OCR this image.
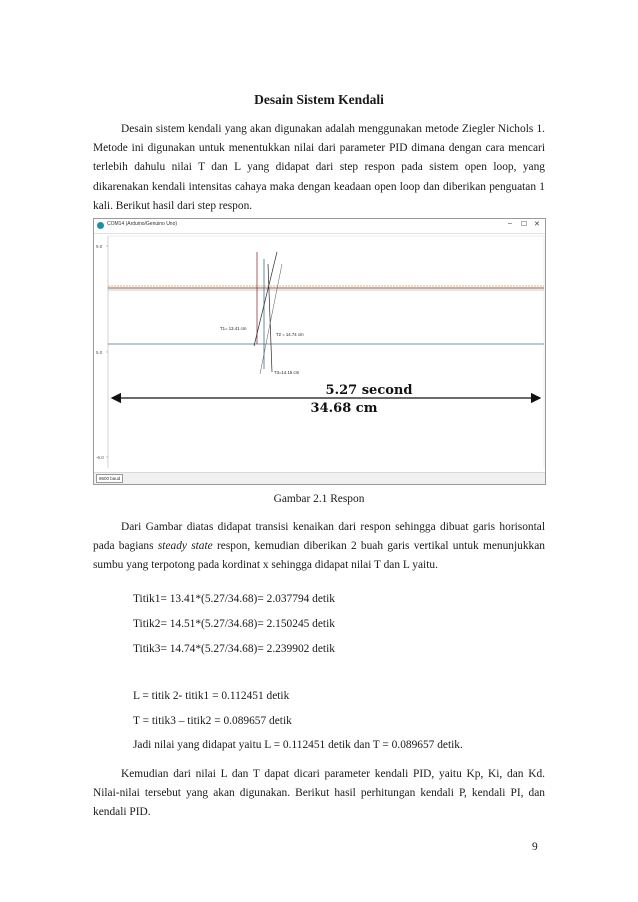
Desain Sistem Kendali

Desain sistem kendali yang akan digunakan adalah menggunakan metode Ziegler Nichols 1. Metode ini digunakan untuk menentukkan nilai dari parameter PID dimana dengan cara mencari terlebih dahulu nilai T dan L yang didapat dari step respon pada sistem open loop, yang dikarenakan kendali intensitas cahaya maka dengan keadaan open loop dan diberikan penguatan 1 kali. Berikut hasil dari step respon.

COM14 (Arduino/Genuino Uno)	– ☐ ✕
9.0
5.0
-6.0
T1= 13.41 cm
T2 = 14.74 cm
T3=14.15 cm
5.27 second
34.68 cm
9600 baud
Gambar 2.1 Respon

Dari Gambar diatas didapat transisi kenaikan dari respon sehingga dibuat garis horisontal pada bagians steady state respon, kemudian diberikan 2 buah garis vertikal untuk menunjukkan sumbu yang terpotong pada kordinat x sehingga didapat nilai T dan L yaitu.

Titik1= 13.41*(5.27/34.68)= 2.037794 detik
Titik2= 14.51*(5.27/34.68)= 2.150245 detik
Titik3= 14.74*(5.27/34.68)= 2.239902 detik
L = titik 2- titik1 = 0.112451 detik
T = titik3 – titik2 = 0.089657 detik
Jadi nilai yang didapat yaitu L = 0.112451 detik dan T = 0.089657 detik.

Kemudian dari nilai L dan T dapat dicari parameter kendali PID, yaitu Kp, Ki, dan Kd. Nilai-nilai tersebut yang akan digunakan. Berikut hasil perhitungan kendali P, kendali PI, dan kendali PID.

9
